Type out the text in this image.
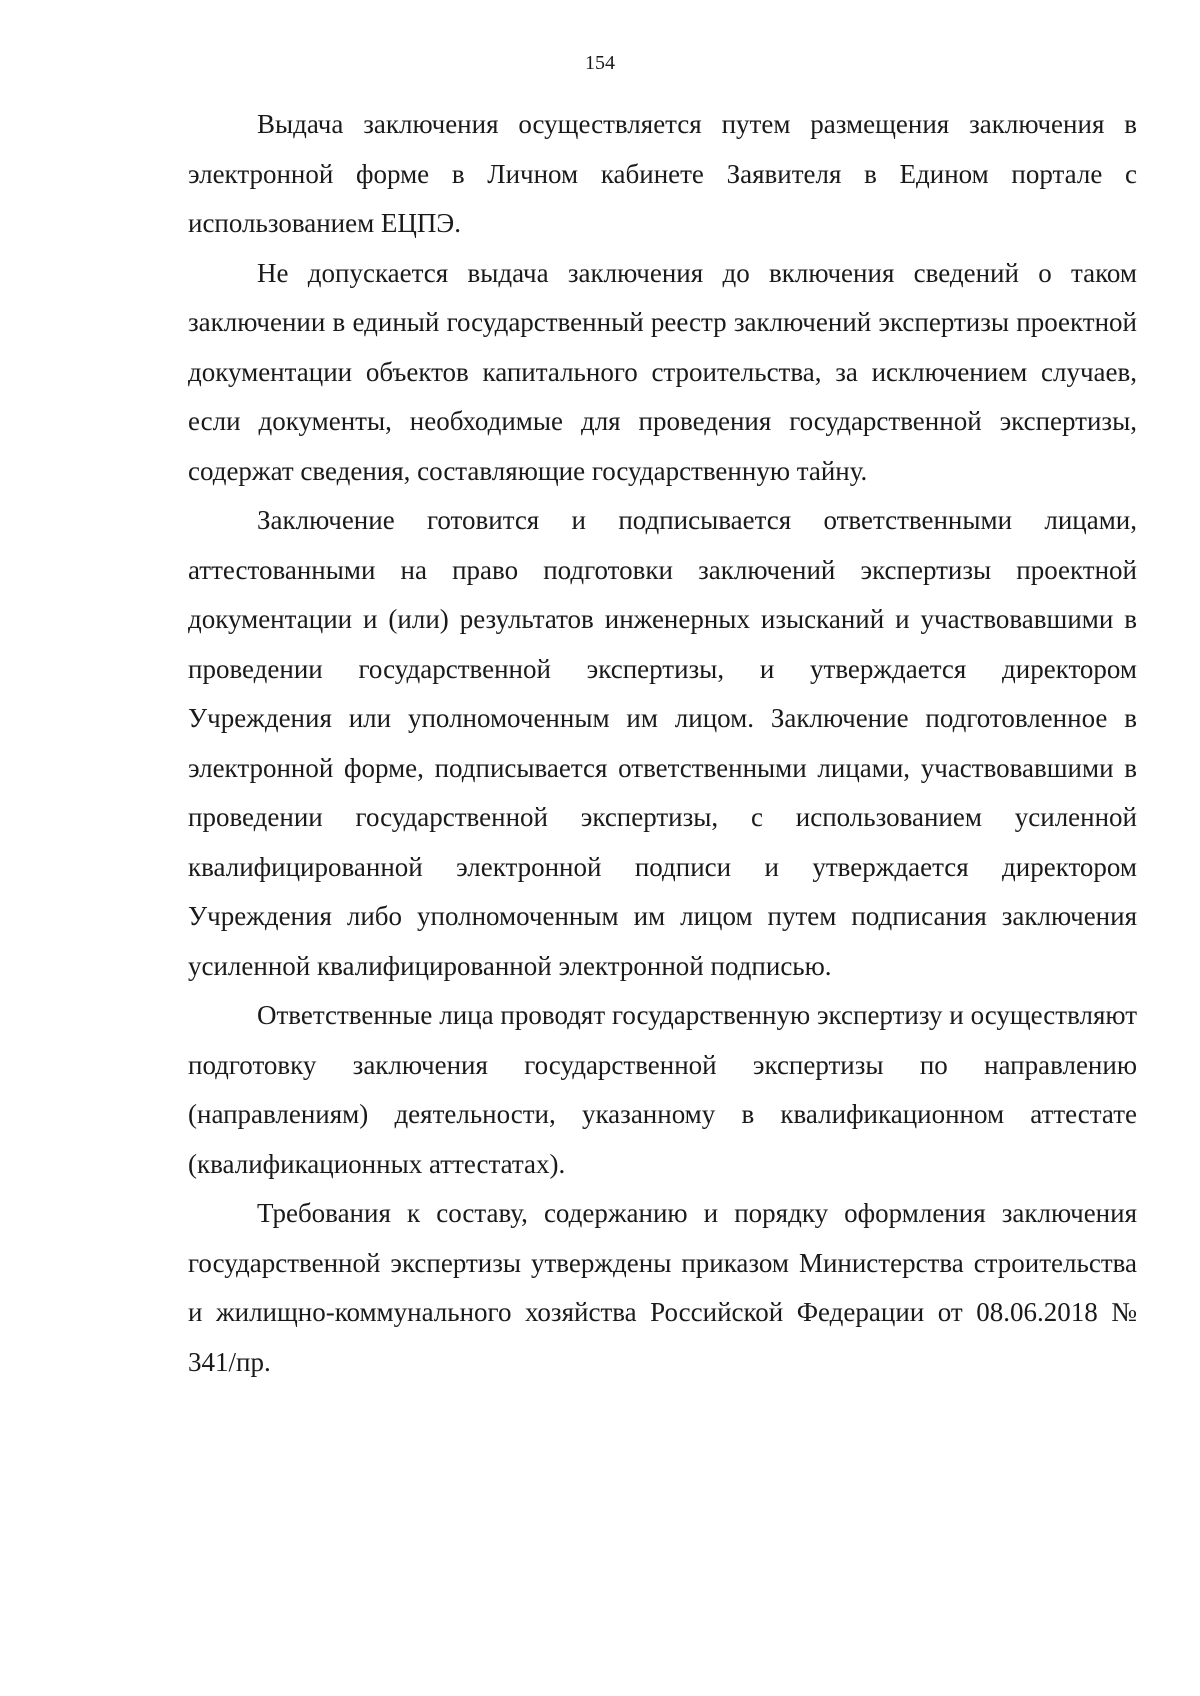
154

Выдача заключения осуществляется путем размещения заключения в электронной форме в Личном кабинете Заявителя в Едином портале с использованием ЕЦПЭ.

Не допускается выдача заключения до включения сведений о таком заключении в единый государственный реестр заключений экспертизы проектной документации объектов капитального строительства, за исключением случаев, если документы, необходимые для проведения государственной экспертизы, содержат сведения, составляющие государственную тайну.

Заключение готовится и подписывается ответственными лицами, аттестованными на право подготовки заключений экспертизы проектной документации и (или) результатов инженерных изысканий и участвовавшими в проведении государственной экспертизы, и утверждается директором Учреждения или уполномоченным им лицом. Заключение подготовленное в электронной форме, подписывается ответственными лицами, участвовавшими в проведении государственной экспертизы, с использованием усиленной квалифицированной электронной подписи и утверждается директором Учреждения либо уполномоченным им лицом путем подписания заключения усиленной квалифицированной электронной подписью.

Ответственные лица проводят государственную экспертизу и осуществляют подготовку заключения государственной экспертизы по направлению (направлениям) деятельности, указанному в квалификационном аттестате (квалификационных аттестатах).

Требования к составу, содержанию и порядку оформления заключения государственной экспертизы утверждены приказом Министерства строительства и жилищно-коммунального хозяйства Российской Федерации от 08.06.2018 № 341/пр.
